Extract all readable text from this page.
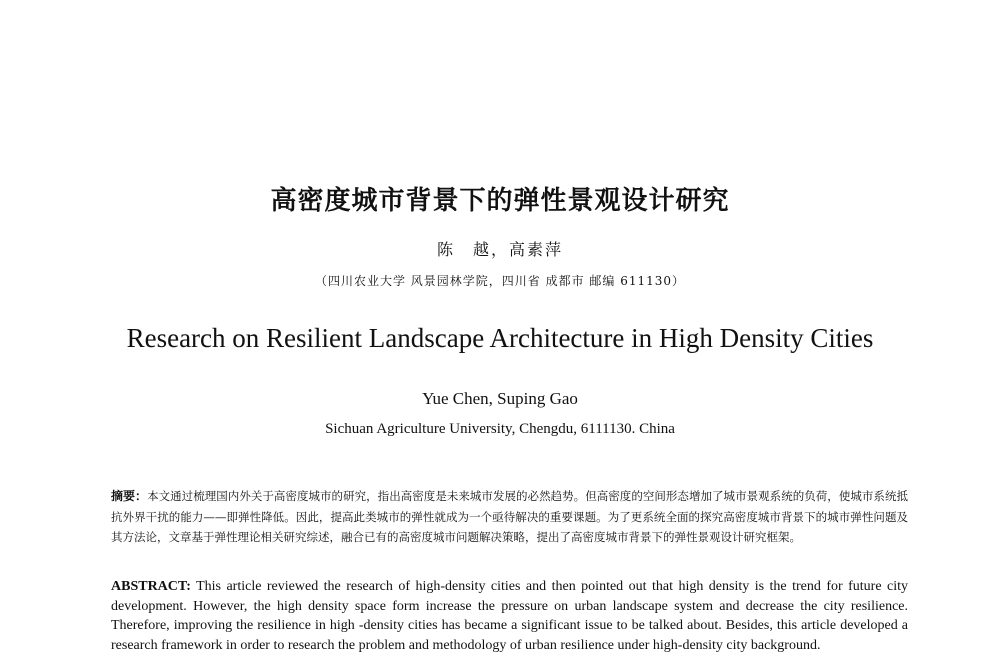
高密度城市背景下的弹性景观设计研究
陈　越，高素萍
（四川农业大学 风景园林学院，四川省 成都市 邮编 611130）
Research on Resilient Landscape Architecture in High Density Cities
Yue Chen, Suping Gao
Sichuan Agriculture University, Chengdu, 6111130. China
摘要：本文通过梳理国内外关于高密度城市的研究，指出高密度是未来城市发展的必然趋势。但高密度的空间形态增加了城市景观系统的负荷，使城市系统抵抗外界干扰的能力——即弹性降低。因此，提高此类城市的弹性就成为一个亟待解决的重要课题。为了更系统全面的探究高密度城市背景下的城市弹性问题及其方法论，文章基于弹性理论相关研究综述，融合已有的高密度城市问题解决策略，提出了高密度城市背景下的弹性景观设计研究框架。
ABSTRACT: This article reviewed the research of high-density cities and then pointed out that high density is the trend for future city development. However, the high density space form increase the pressure on urban landscape system and decrease the city resilience. Therefore, improving the resilience in high -density cities has became a significant issue to be talked about. Besides, this article developed a research framework in order to research the problem and methodology of urban resilience under high-density city background.
